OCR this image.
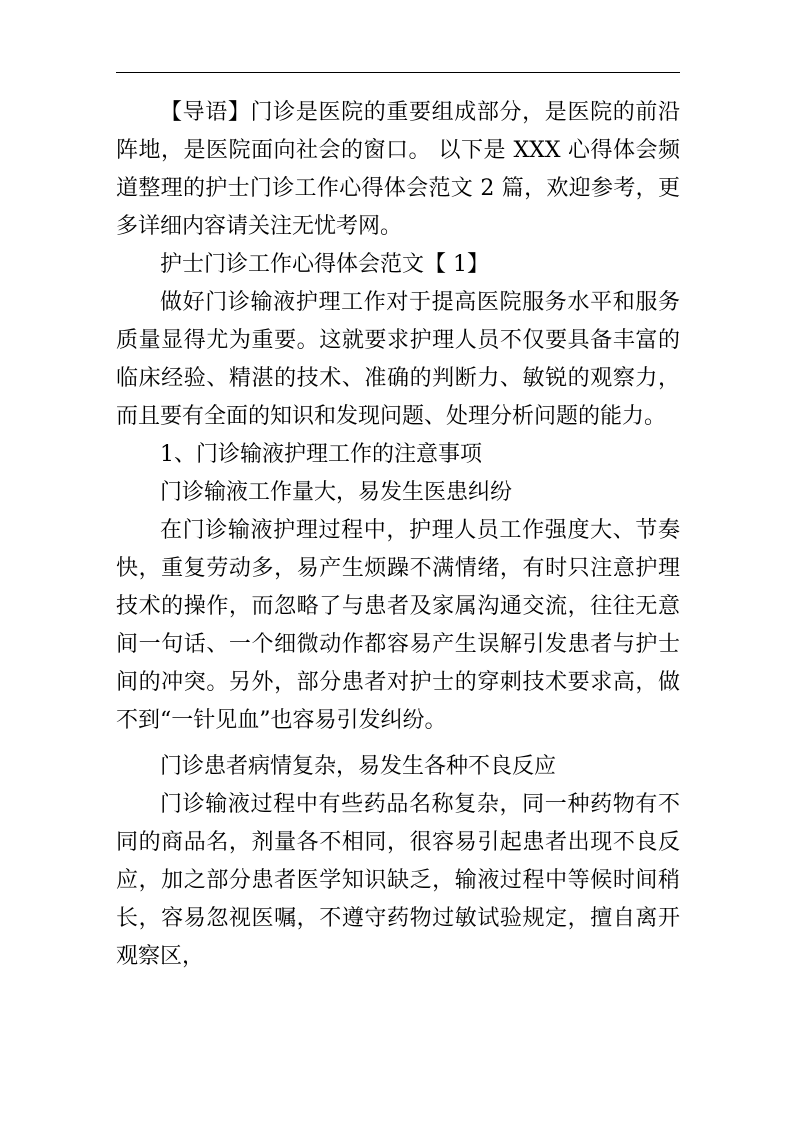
【导语】门诊是医院的重要组成部分，是医院的前沿阵地，是医院面向社会的窗口。 以下是 XXX 心得体会频道整理的护士门诊工作心得体会范文 2 篇，欢迎参考，更多详细内容请关注无忧考网。

护士门诊工作心得体会范文【 1】

做好门诊输液护理工作对于提高医院服务水平和服务质量显得尤为重要。这就要求护理人员不仅要具备丰富的临床经验、精湛的技术、准确的判断力、敏锐的观察力，而且要有全面的知识和发现问题、处理分析问题的能力。

1、门诊输液护理工作的注意事项

门诊输液工作量大，易发生医患纠纷

在门诊输液护理过程中，护理人员工作强度大、节奏快，重复劳动多，易产生烦躁不满情绪，有时只注意护理技术的操作，而忽略了与患者及家属沟通交流，往往无意间一句话、一个细微动作都容易产生误解引发患者与护士间的冲突。另外，部分患者对护士的穿刺技术要求高，做不到“一针见血”也容易引发纠纷。

门诊患者病情复杂，易发生各种不良反应

门诊输液过程中有些药品名称复杂，同一种药物有不同的商品名，剂量各不相同，很容易引起患者出现不良反应，加之部分患者医学知识缺乏，输液过程中等候时间稍长，容易忽视医嘱，不遵守药物过敏试验规定，擅自离开观察区，
